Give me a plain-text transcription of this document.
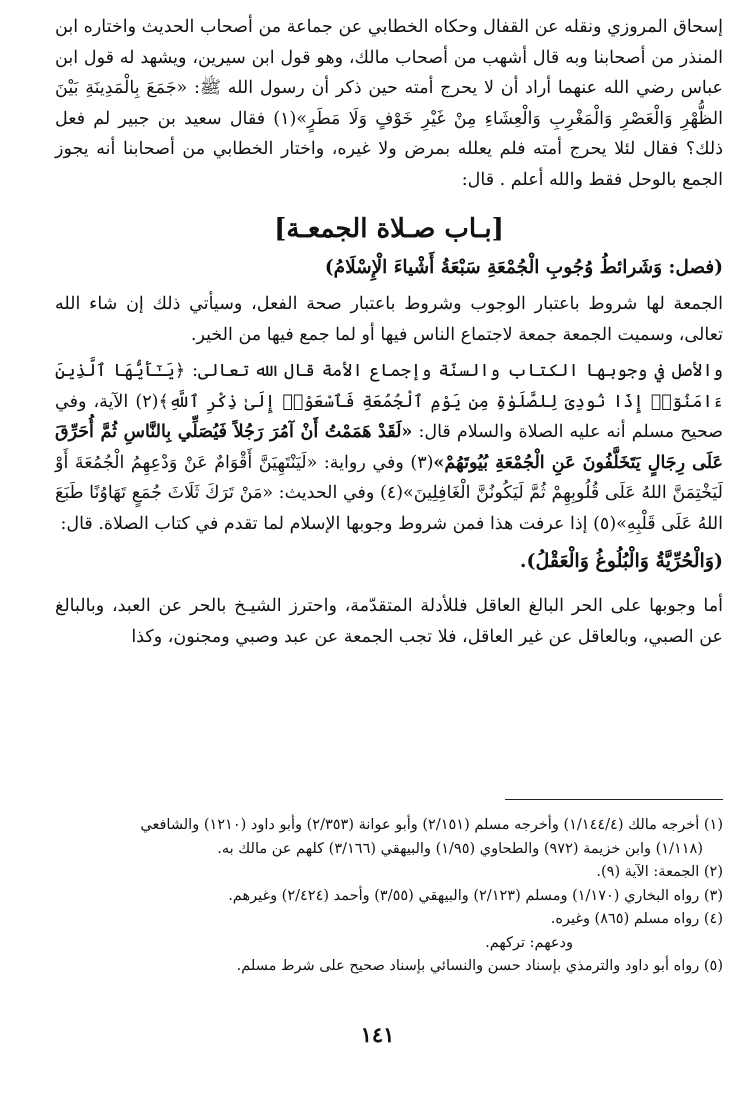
إسحاق المروزي ونقله عن القفال وحكاه الخطابي عن جماعة من أصحاب الحديث واختاره ابن المنذر من أصحابنا وبه قال أشهب من أصحاب مالك، وهو قول ابن سيرين، ويشهد له قول ابن عباس رضي الله عنهما أراد أن لا يحرج أمته حين ذكر أن رسول الله ﷺ: «جَمَعَ بِالْمَدِينَةِ بَيْنَ الظُّهْرِ وَالْعَصْرِ وَالْمَغْرِبِ وَالْعِشَاءِ مِنْ غَيْرِ خَوْفٍ وَلَا مَطَرٍ»(١) فقال سعيد بن جبير لم فعل ذلك؟ فقال لئلا يحرج أمته فلم يعلله بمرض ولا غيره، واختار الخطابي من أصحابنا أنه يجوز الجمع بالوحل فقط والله أعلم . قال:

[بـاب صـلاة الجمعـة]

(فصل: وَشَرائطُ وُجُوبِ الْجُمْعَةِ سَبْعَةُ أَشْياءَ الْإِسْلَامُ)

الجمعة لها شروط باعتبار الوجوب وشروط باعتبار صحة الفعل، وسيأتي ذلك إن شاء الله تعالى، وسميت الجمعة جمعة لاجتماع الناس فيها أو لما جمع فيها من الخير.

والأصل في وجوبها الكتاب والسنّة وإجماع الأمة قال الله تعالى: ﴿يَـٰٓأَيُّهَا ٱلَّذِينَ ءَامَنُوٓا۟ إِذَا نُودِىَ لِلصَّلَوٰةِ مِن يَوْمِ ٱلْجُمُعَةِ فَٱسْعَوْا۟ إِلَىٰ ذِكْرِ ٱللَّهِ﴾(٢) الآية، وفي صحيح مسلم أنه عليه الصلاة والسلام قال: «لَقَدْ هَمَمْتُ أَنْ آمُرَ رَجُلاً فَيُصَلِّي بِالنَّاسِ ثُمَّ أُحَرِّقَ عَلَى رِجَالٍ يَتَخَلَّفُونَ عَنِ الْجُمْعَةِ بُيُوتَهُمْ»(٣) وفي رواية: «لَيَنْتَهِيَنَّ أَقْوَامٌ عَنْ وَدْعِهِمُ الْجُمُعَةَ أَوْ لَيَخْتِمَنَّ اللهُ عَلَى قُلُوبِهِمْ ثُمَّ لَيَكُونُنَّ الْغَافِلِينَ»(٤) وفي الحديث: «مَنْ تَرَكَ ثَلَاثَ جُمَعٍ تَهَاوُنًا طَبَعَ اللهُ عَلَى قَلْبِهِ»(٥) إذا عرفت هذا فمن شروط وجوبها الإسلام لما تقدم في كتاب الصلاة. قال:

(وَالْحُرِّيَّةُ وَالْبُلُوغُ وَالْعَقْلُ).

أما وجوبها على الحر البالغ العاقل فللأدلة المتقدّمة، واحترز الشيـخ بالحر عن العبد، وبالبالغ عن الصبي، وبالعاقل عن غير العاقل، فلا تجب الجمعة عن عبد وصبي ومجنون، وكذا

(١) أخرجه مالك (١/١٤٤/٤) وأخرجه مسلم (٢/١٥١) وأبو عوانة (٢/٣٥٣) وأبو داود (١٢١٠) والشافعي

(١/١١٨) وابن خزيمة (٩٧٢) والطحاوي (١/٩٥) والبيهقي (٣/١٦٦) كلهم عن مالك به.

(٢) الجمعة: الآية (٩).

(٣) رواه البخاري (١/١٧٠) ومسلم (٢/١٢٣) والبيهقي (٣/٥٥) وأحمد (٢/٤٢٤) وغيرهم.

(٤) رواه مسلم (٨٦٥) وغيره.

ودعهم: تركهم.

(٥) رواه أبو داود والترمذي بإسناد حسن والنسائي بإسناد صحيح على شرط مسلم.

١٤١
